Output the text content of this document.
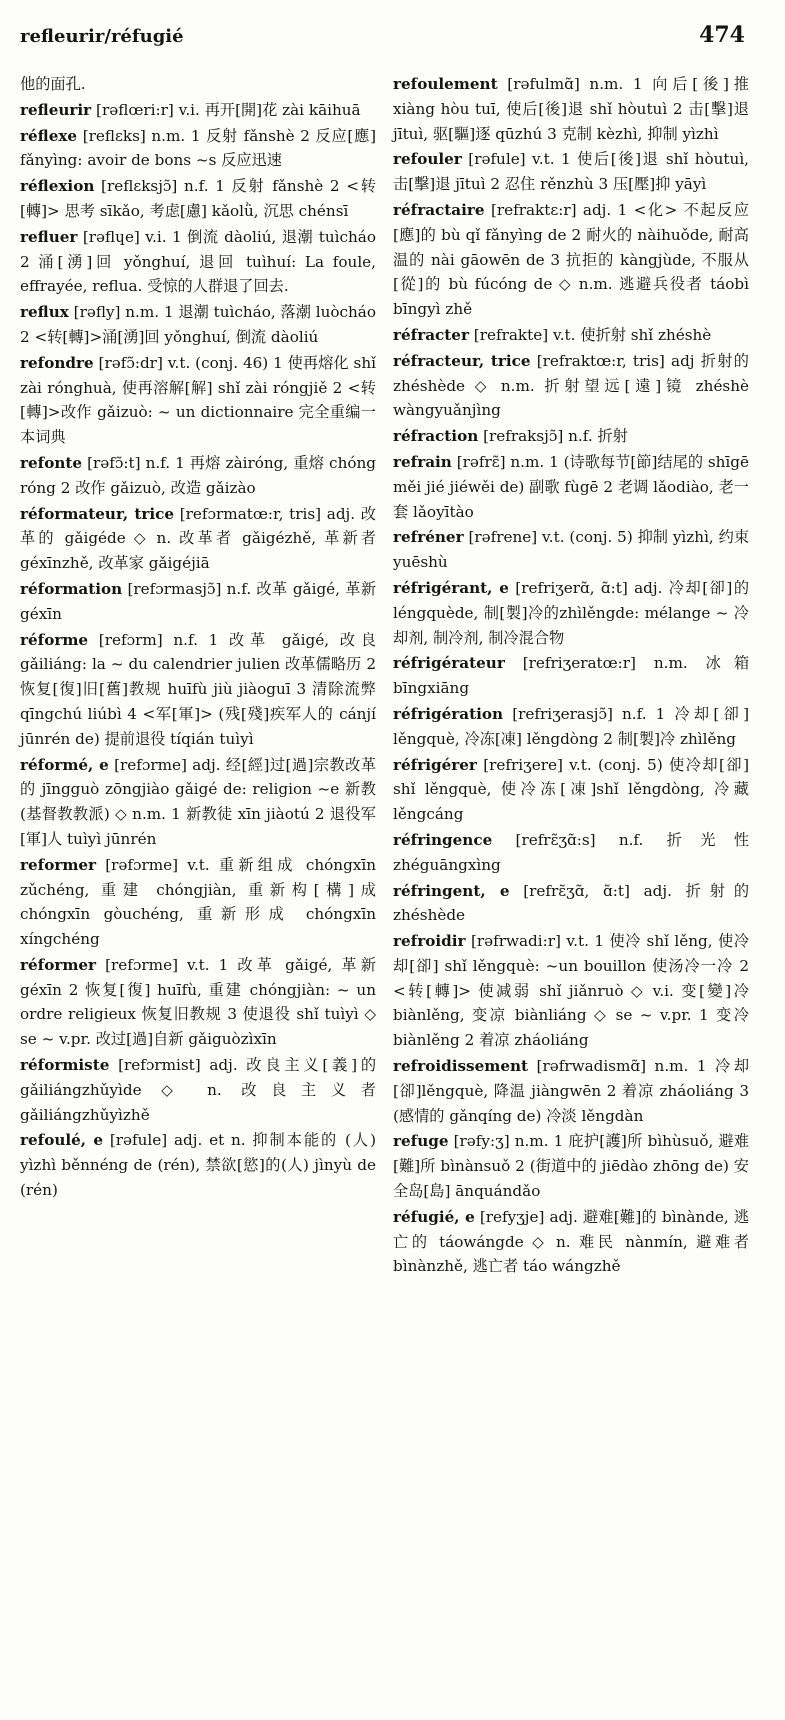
refleurir/réfugié	474

他的面孔.

refleurir [rəflœri:r] v.i. 再开[開]花 zài kāihuā

réflexe [reflɛks] n.m. 1 反射 fǎnshè 2 反应[應] fǎnyìng: avoir de bons ~s 反应迅速

réflexion [reflɛksjɔ̃] n.f. 1 反射 fǎnshè 2 <转[轉]> 思考 sīkǎo, 考虑[慮] kǎolǜ, 沉思 chénsī

refluer [rəflɥe] v.i. 1 倒流 dàoliú, 退潮 tuìcháo 2 涌[湧]回 yǒnghuí, 退回 tuìhuí: La foule, effrayée, reflua. 受惊的人群退了回去.

reflux [rəfly] n.m. 1 退潮 tuìcháo, 落潮 luòcháo 2 <转[轉]>涌[湧]回 yǒnghuí, 倒流 dàoliú

refondre [rəfɔ̃:dr] v.t. (conj. 46) 1 使再熔化 shǐ zài rónghuà, 使再溶解[解] shǐ zài róngjiě 2 <转[轉]>改作 gǎizuò: ~ un dictionnaire 完全重编一本词典

refonte [rəfɔ̃:t] n.f. 1 再熔 zàiróng, 重熔 chóng róng 2 改作 gǎizuò, 改造 gǎizào

réformateur, trice [refɔrmatœ:r, tris] adj. 改革的 gǎigéde ◇ n. 改革者 gǎigézhě, 革新者 géxīnzhě, 改革家 gǎigéjiā

réformation [refɔrmasjɔ̃] n.f. 改革 gǎigé, 革新 géxīn

réforme [refɔrm] n.f. 1 改革 gǎigé, 改良 gǎiliáng: la ~ du calendrier julien 改革儒略历 2 恢复[復]旧[舊]教规 huīfù jiù jiàoguī 3 清除流弊 qīngchú liúbì 4 <军[軍]> (残[殘]疾军人的 cánjí jūnrén de) 提前退役 tíqián tuìyì

réformé, e [refɔrme] adj. 经[經]过[過]宗教改革的 jīngguò zōngjiào gǎigé de: religion ~e 新教 (基督教教派) ◇ n.m. 1 新教徒 xīn jiàotú 2 退役军[軍]人 tuìyì jūnrén

reformer [rəfɔrme] v.t. 重新组成 chóngxīn zǔchéng, 重建 chóngjiàn, 重新构[構]成 chóngxīn gòuchéng, 重新形成 chóngxīn xíngchéng

réformer [refɔrme] v.t. 1 改革 gǎigé, 革新 géxīn 2 恢复[復] huīfù, 重建 chóngjiàn: ~ un ordre religieux 恢复旧教规 3 使退役 shǐ tuìyì ◇ se ~ v.pr. 改过[過]自新 gǎiguòzìxīn

réformiste [refɔrmist] adj. 改良主义[義]的 gǎiliángzhǔyìde ◇ n. 改良主义者 gǎiliángzhǔyìzhě

refoulé, e [rəfule] adj. et n. 抑制本能的 (人) yìzhì běnnéng de (rén), 禁欲[慾]的(人) jìnyù de (rén)

refoulement [rəfulmɑ̃] n.m. 1 向后[後]推 xiàng hòu tuī, 使后[後]退 shǐ hòutuì 2 击[擊]退 jītuì, 驱[驅]逐 qūzhú 3 克制 kèzhì, 抑制 yìzhì

refouler [rəfule] v.t. 1 使后[後]退 shǐ hòutuì, 击[擊]退 jītuì 2 忍住 rěnzhù 3 压[壓]抑 yāyì

réfractaire [refraktɛ:r] adj. 1 <化> 不起反应[應]的 bù qǐ fǎnyìng de 2 耐火的 nàihuǒde, 耐高温的 nài gāowēn de 3 抗拒的 kàngjùde, 不服从[從]的 bù fúcóng de ◇ n.m. 逃避兵役者 táobì bīngyì zhě

réfracter [refrakte] v.t. 使折射 shǐ zhéshè

réfracteur, trice [refraktœ:r, tris] adj 折射的 zhéshède ◇ n.m. 折射望远[遠]镜 zhéshè wàngyuǎnjìng

réfraction [refraksjɔ̃] n.f. 折射

refrain [rəfrɛ̃] n.m. 1 (诗歌每节[節]结尾的 shīgē měi jié jiéwěi de) 副歌 fùgē 2 老调 lǎodiào, 老一套 lǎoyītào

refréner [rəfrene] v.t. (conj. 5) 抑制 yìzhì, 约束 yuēshù

réfrigérant, e [refriʒerɑ̃, ɑ̃:t] adj. 冷却[卻]的 léngquède, 制[製]冷的zhìlěngde: mélange ~ 冷却剂, 制冷剂, 制冷混合物

réfrigérateur [refriʒeratœ:r] n.m. 冰箱 bīngxiāng

réfrigération [refriʒerasjɔ̃] n.f. 1 冷却[卻] lěngquè, 冷冻[凍] lěngdòng 2 制[製]冷 zhìlěng

réfrigérer [refriʒere] v.t. (conj. 5) 使冷却[卻] shǐ lěngquè, 使冷冻[凍]shǐ lěngdòng, 冷藏 lěngcáng

réfringence [refrɛ̃ʒɑ̃:s] n.f. 折光性 zhéguāngxìng

réfringent, e [refrɛ̃ʒɑ̃, ɑ̃:t] adj. 折射的 zhéshède

refroidir [rəfrwadi:r] v.t. 1 使冷 shǐ lěng, 使冷却[卻] shǐ lěngquè: ~un bouillon 使汤冷一冷 2 <转[轉]> 使减弱 shǐ jiǎnruò ◇ v.i. 变[變]冷 biànlěng, 变凉 biànliáng ◇ se ~ v.pr. 1 变冷 biànlěng 2 着凉 zháoliáng

refroidissement [rəfrwadismɑ̃] n.m. 1 冷却[卻]lěngquè, 降温 jiàngwēn 2 着凉 zháoliáng 3 (感情的 gǎnqíng de) 冷淡 lěngdàn

refuge [rəfy:ʒ] n.m. 1 庇护[護]所 bìhùsuǒ, 避难[難]所 bìnànsuǒ 2 (街道中的 jiēdào zhōng de) 安全岛[島] ānquándǎo

réfugié, e [refyʒje] adj. 避难[難]的 bìnànde, 逃亡的 táowángde ◇ n. 难民 nànmín, 避难者 bìnànzhě, 逃亡者 táo wángzhě
